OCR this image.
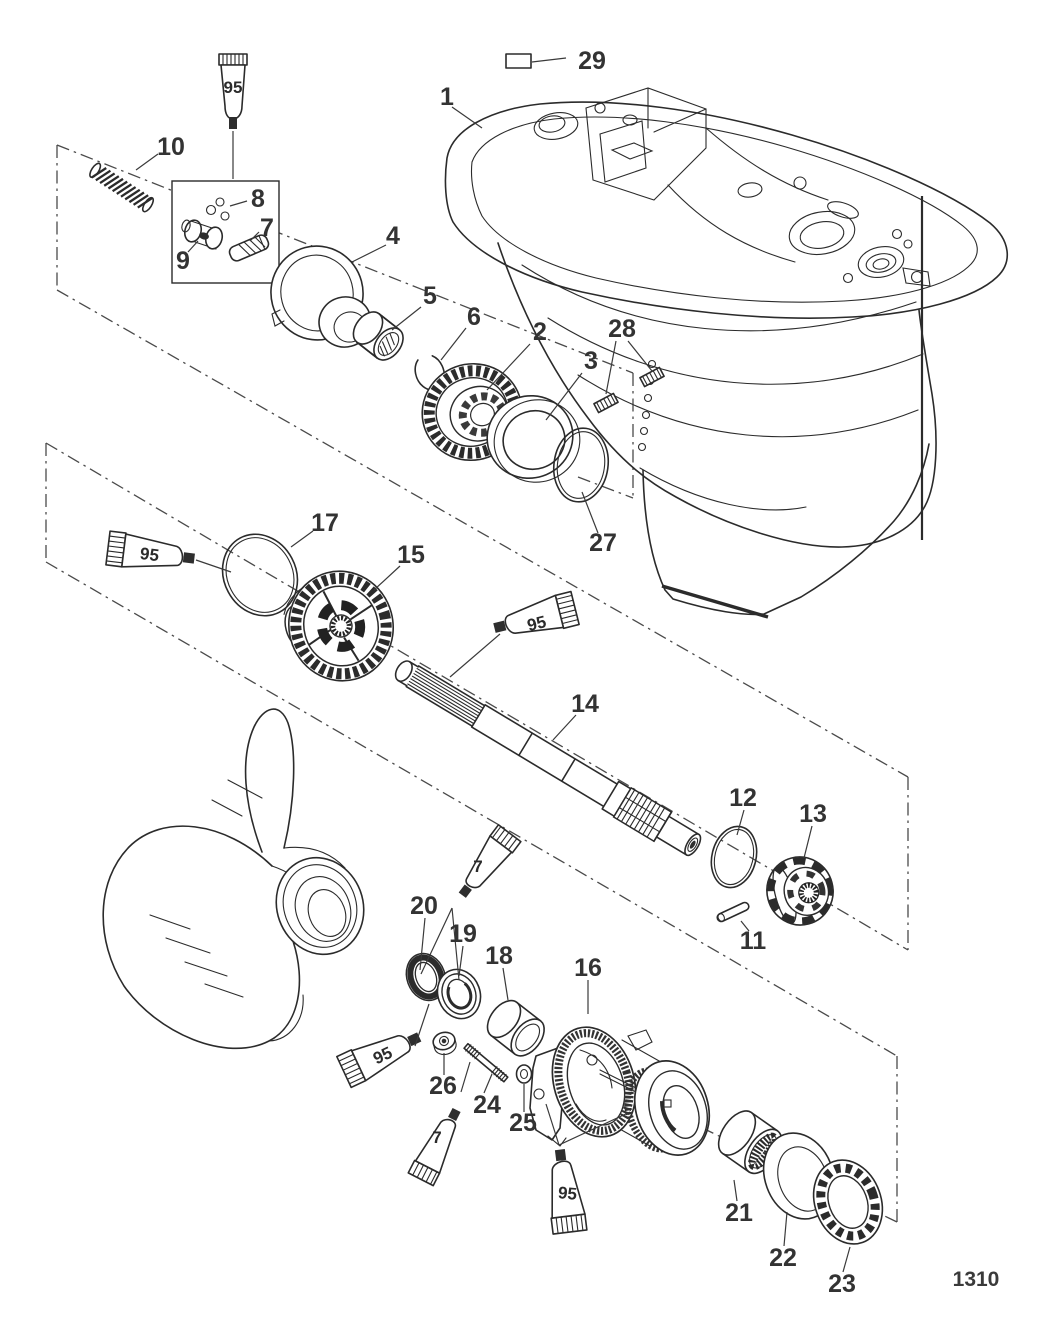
95
95
95
95
95
7
7
1
2
3
4
5
6
7
8
9
10
11
12
13
14
15
16
17
18
19
20
21
22
23
24
25
26
27
28
29
1310
